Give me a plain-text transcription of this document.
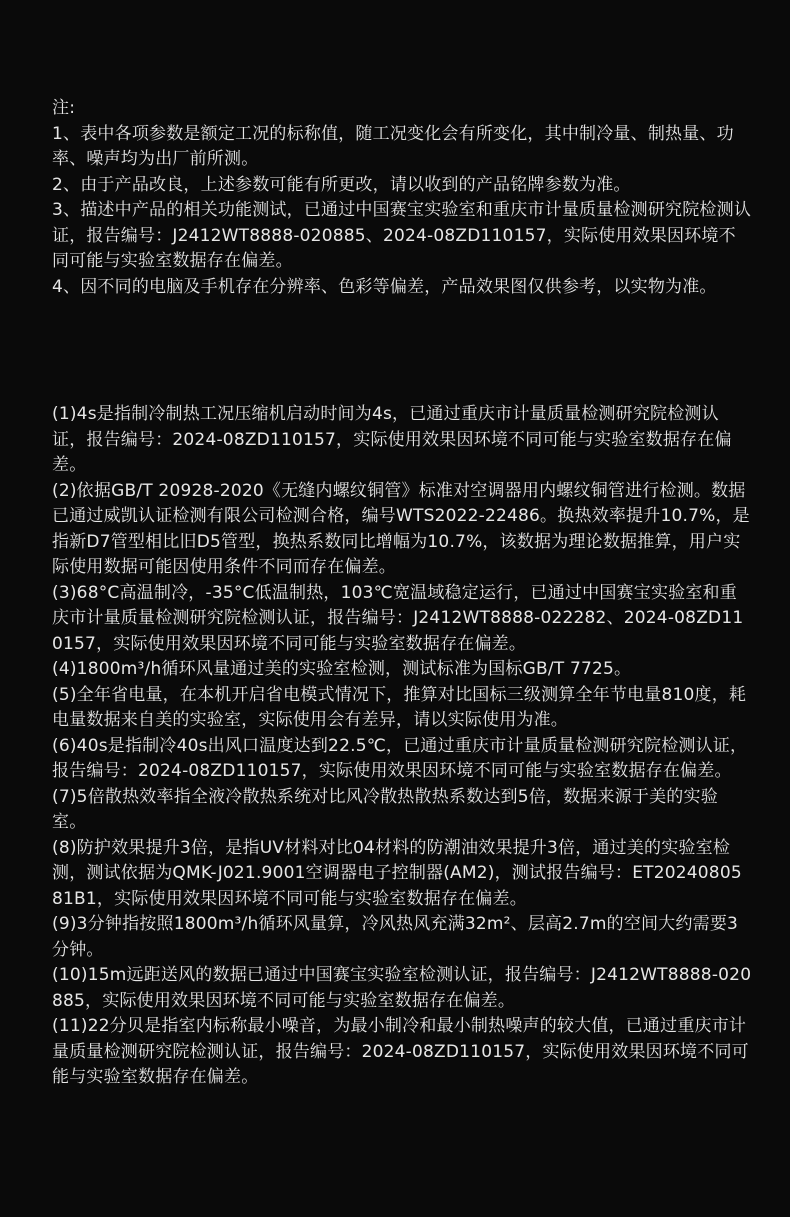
注:

1、表中各项参数是额定工况的标称值，随工况变化会有所变化，其中制冷量、制热量、功率、噪声均为出厂前所测。

2、由于产品改良，上述参数可能有所更改，请以收到的产品铭牌参数为准。

3、描述中产品的相关功能测试，已通过中国赛宝实验室和重庆市计量质量检测研究院检测认证，报告编号：J2412WT8888-020885、2024-08ZD110157，实际使用效果因环境不同可能与实验室数据存在偏差。

4、因不同的电脑及手机存在分辨率、色彩等偏差，产品效果图仅供参考，以实物为准。

(1)4s是指制冷制热工况压缩机启动时间为4s，已通过重庆市计量质量检测研究院检测认证，报告编号：2024-08ZD110157，实际使用效果因环境不同可能与实验室数据存在偏差。

(2)依据GB/T 20928-2020《无缝内螺纹铜管》标准对空调器用内螺纹铜管进行检测。数据已通过威凯认证检测有限公司检测合格，编号WTS2022-22486。换热效率提升10.7%，是指新D7管型相比旧D5管型，换热系数同比增幅为10.7%，该数据为理论数据推算，用户实际使用数据可能因使用条件不同而存在偏差。

(3)68°C高温制冷，-35°C低温制热，103℃宽温域稳定运行，已通过中国赛宝实验室和重庆市计量质量检测研究院检测认证，报告编号：J2412WT8888-022282、2024-08ZD110157，实际使用效果因环境不同可能与实验室数据存在偏差。

(4)1800m³/h循环风量通过美的实验室检测，测试标准为国标GB/T 7725。

(5)全年省电量，在本机开启省电模式情况下，推算对比国标三级测算全年节电量810度，耗电量数据来自美的实验室，实际使用会有差异，请以实际使用为准。

(6)40s是指制冷40s出风口温度达到22.5℃，已通过重庆市计量质量检测研究院检测认证，报告编号：2024-08ZD110157，实际使用效果因环境不同可能与实验室数据存在偏差。

(7)5倍散热效率指全液冷散热系统对比风冷散热散热系数达到5倍，数据来源于美的实验室。

(8)防护效果提升3倍，是指UV材料对比04材料的防潮油效果提升3倍，通过美的实验室检测，测试依据为QMK-J021.9001空调器电子控制器(AM2)，测试报告编号：ET2024080581B1，实际使用效果因环境不同可能与实验室数据存在偏差。

(9)3分钟指按照1800m³/h循环风量算，冷风热风充满32m²、层高2.7m的空间大约需要3分钟。

(10)15m远距送风的数据已通过中国赛宝实验室检测认证，报告编号：J2412WT8888-020885，实际使用效果因环境不同可能与实验室数据存在偏差。

(11)22分贝是指室内标称最小噪音，为最小制冷和最小制热噪声的较大值，已通过重庆市计量质量检测研究院检测认证，报告编号：2024-08ZD110157，实际使用效果因环境不同可能与实验室数据存在偏差。
